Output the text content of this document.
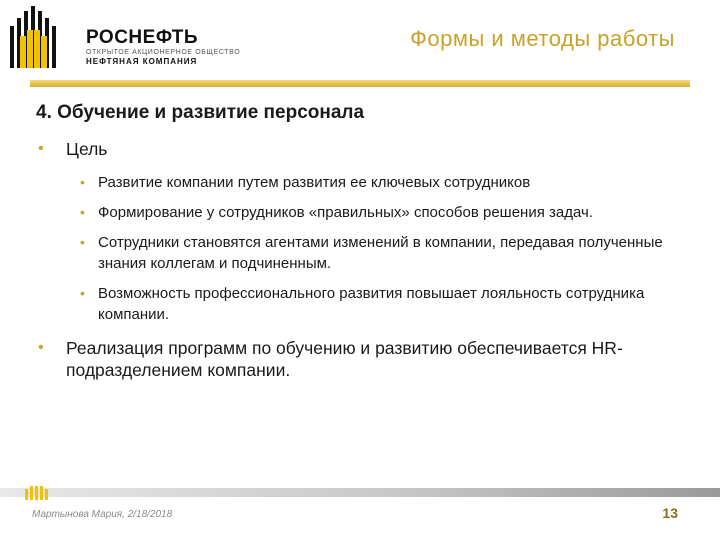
РОСНЕФТЬ
ОТКРЫТОЕ АКЦИОНЕРНОЕ ОБЩЕСТВО
НЕФТЯНАЯ КОМПАНИЯ
Формы и методы работы
4. Обучение и развитие персонала
• Цель
• Развитие компании путем развития ее ключевых сотрудников
• Формирование у сотрудников «правильных» способов решения задач.
• Сотрудники становятся агентами изменений в компании, передавая полученные знания коллегам и подчиненным.
• Возможность профессионального развития повышает лояльность сотрудника компании.
• Реализация программ по обучению и развитию обеспечивается HR-подразделением компании.
Мартынова Мария, 2/18/2018	13
